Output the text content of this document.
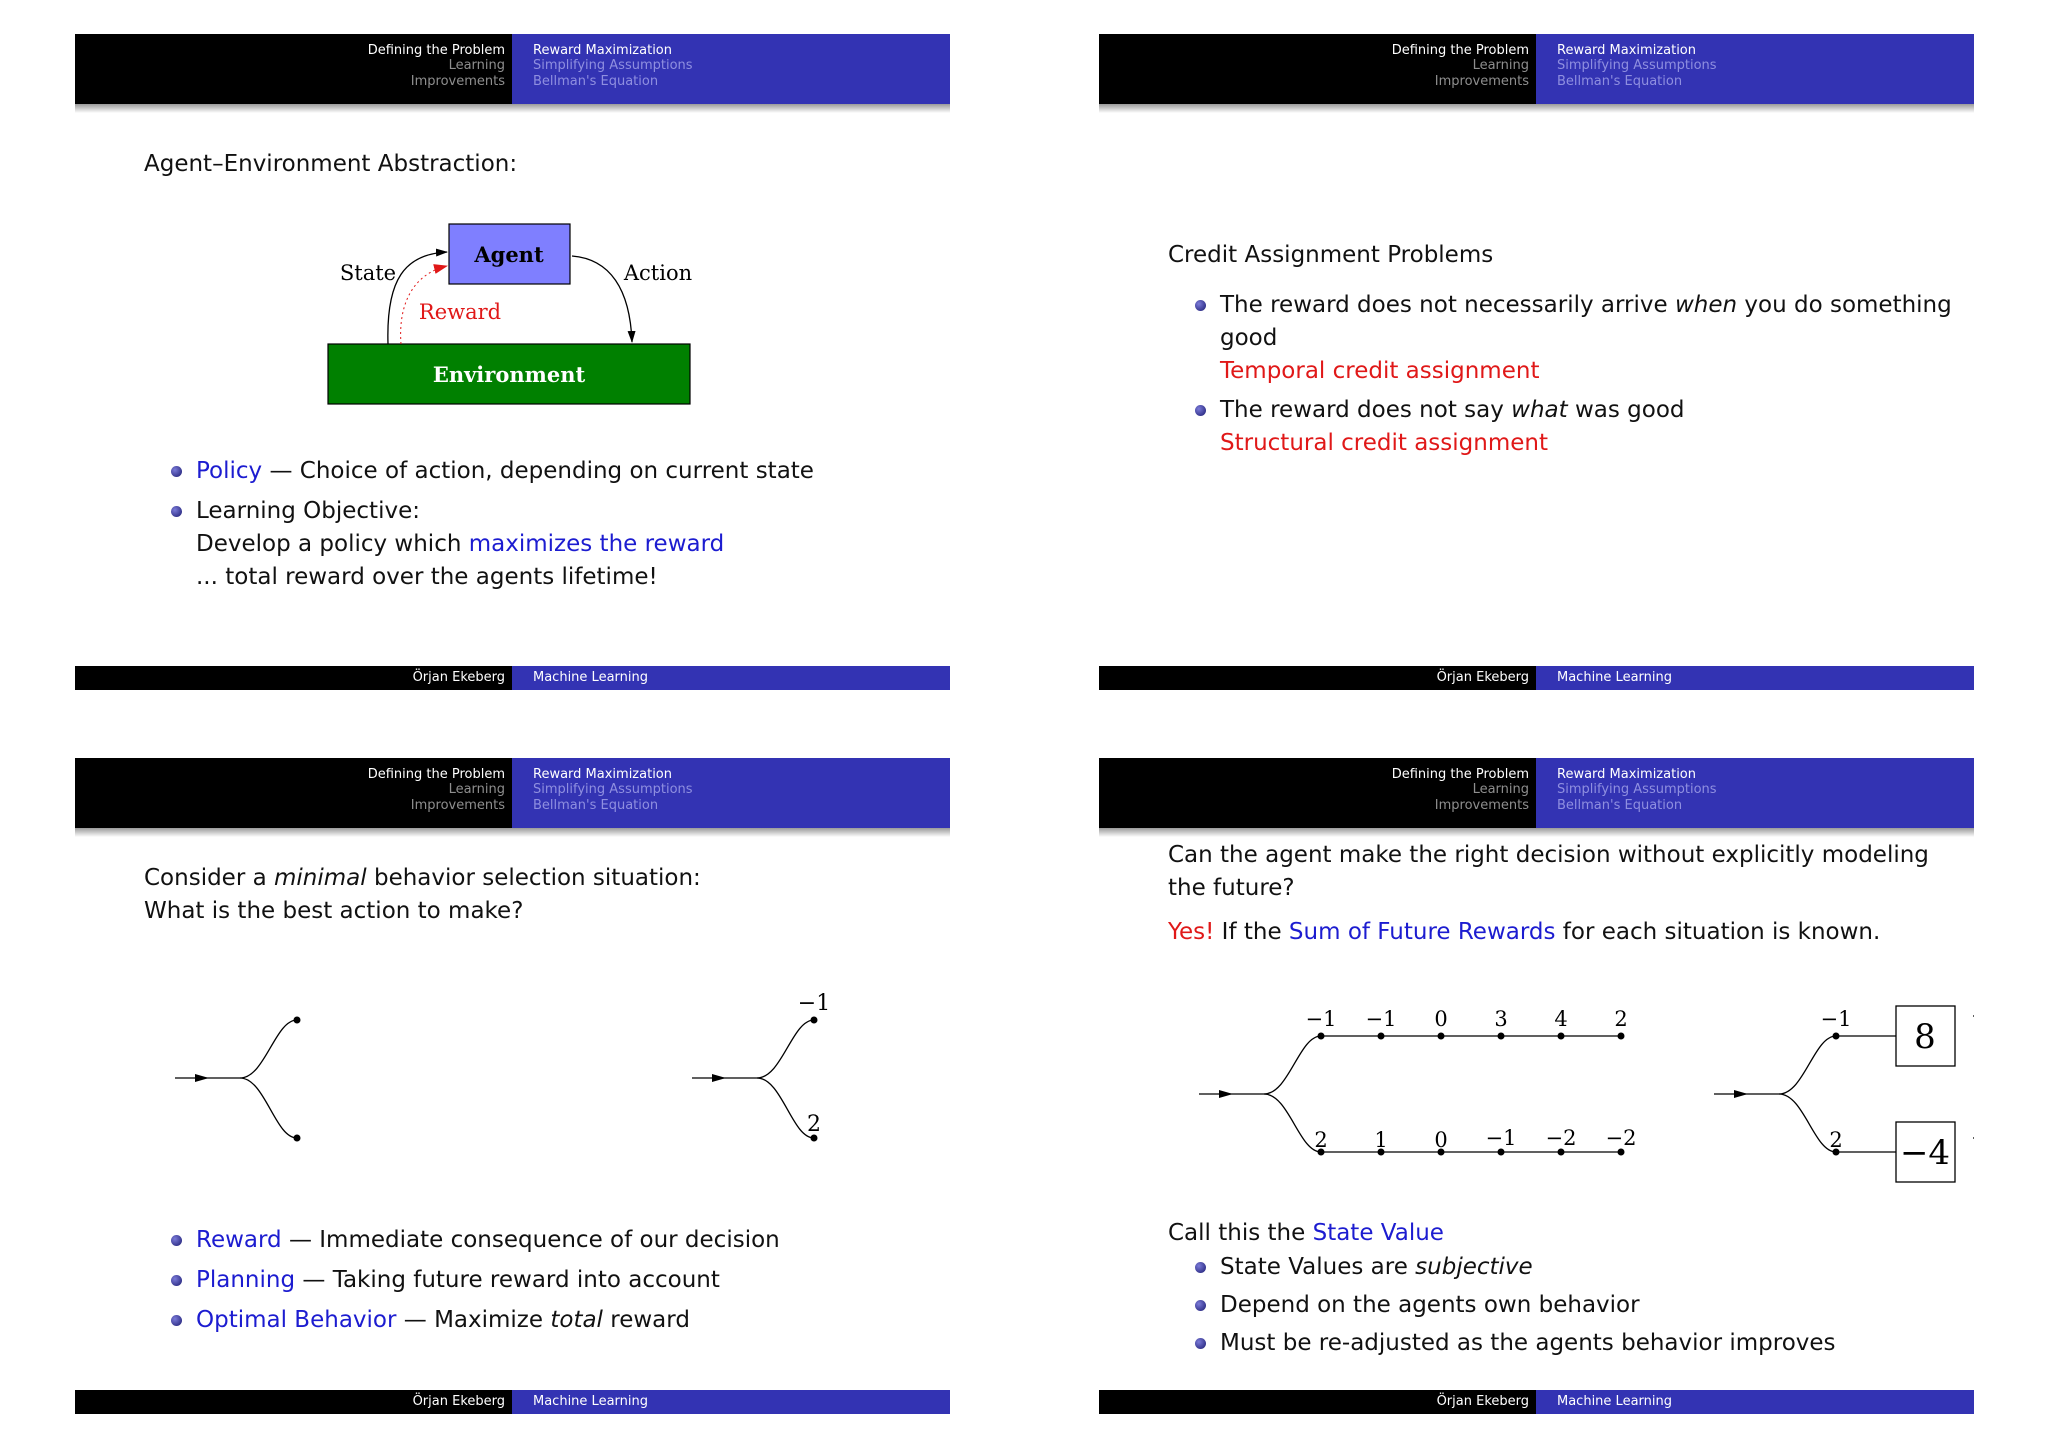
Defining the Problem
Learning
Improvements
Reward Maximization
Simplifying Assumptions
Bellman's Equation
Agent–Environment Abstraction:
Agent
Environment
State	Action
Reward
Policy — Choice of action, depending on current state
Learning Objective:
Develop a policy which maximizes the reward
... total reward over the agents lifetime!
Örjan Ekeberg Machine Learning
Defining the Problem
Learning
Improvements
Reward Maximization
Simplifying Assumptions
Bellman's Equation
Credit Assignment Problems
The reward does not necessarily arrive when you do something
good
Temporal credit assignment
The reward does not say what was good
Structural credit assignment
Örjan Ekeberg Machine Learning
Defining the Problem
Learning
Improvements
Reward Maximization
Simplifying Assumptions
Bellman's Equation
Consider a minimal behavior selection situation:
What is the best action to make?
−1
2
Reward — Immediate consequence of our decision
Planning — Taking future reward into account
Optimal Behavior — Maximize total reward
Örjan Ekeberg Machine Learning
Defining the Problem
Learning
Improvements
Reward Maximization
Simplifying Assumptions
Bellman's Equation
Can the agent make the right decision without explicitly modeling
the future?
Yes! If the Sum of Future Rewards for each situation is known.
−1 −1 0 3 4 2
2 1 0 −1 −2 −2
−1
2
8
−4
3
−1
Call this the State Value
State Values are subjective
Depend on the agents own behavior
Must be re-adjusted as the agents behavior improves
Örjan Ekeberg Machine Learning
